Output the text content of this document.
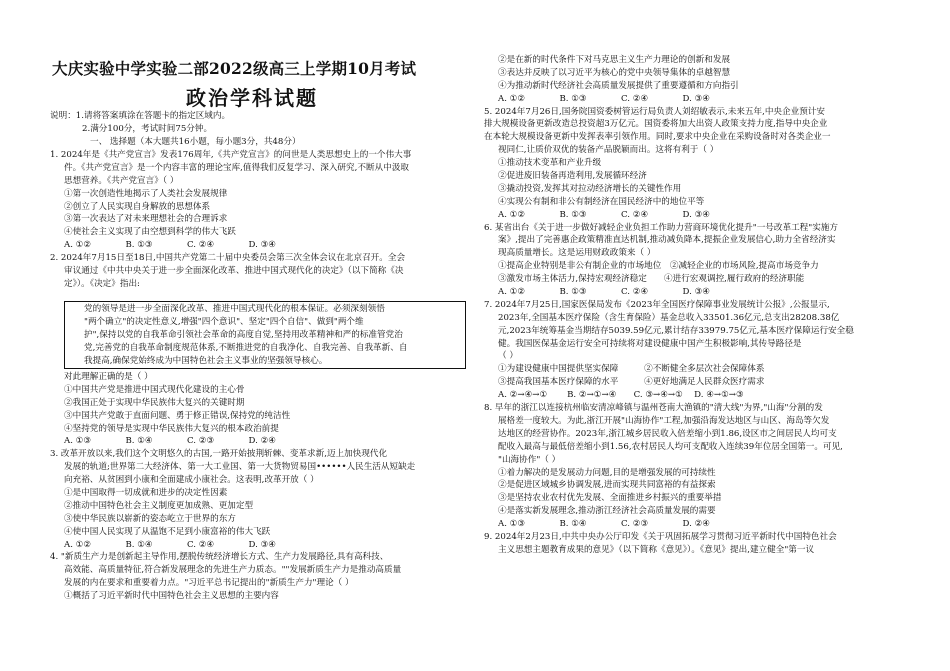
大庆实验中学实验二部2022级高三上学期10月考试
政治学科试题
说明：1.请将答案填涂在答题卡的指定区域内。
2.满分100分，考试时间75分钟。
一、 选择题（本大题共16小题，每小题3分，共48分）
1. 2024年是《共产党宣言》发表176周年,《共产党宣言》的问世是人类思想史上的一个伟大事
件。《共产党宣言》是一个内容丰富的理论宝库,值得我们反复学习、深入研究,不断从中汲取
思想营养。《共产党宣言》（ ）
①第一次创造性地揭示了人类社会发展规律
②创立了人民实现自身解放的思想体系
③第一次表达了对未来理想社会的合理诉求
④使社会主义实现了由空想到科学的伟大飞跃
A. ①②　　　　B. ①③　　　　C. ②④　　　　D. ③④
2. 2024年7月15日至18日,中国共产党第二十届中央委员会第三次全体会议在北京召开。全会
审议通过《中共中央关于进一步全面深化改革、推进中国式现代化的决定》（以下简称《决
定》）。《决定》指出:
党的领导是进一步全面深化改革、推进中国式现代化的根本保证。必须深刻领悟
"两个确立"的决定性意义,增强"四个意识"、坚定"四个自信"、做到"两个维
护",保持以党的自我革命引领社会革命的高度自觉,坚持用改革精神和严的标准管党治
党,完善党的自我革命制度规范体系,不断推进党的自我净化、自我完善、自我革新、自
我提高,确保党始终成为中国特色社会主义事业的坚强领导核心。
对此理解正确的是（ ）
①中国共产党是推进中国式现代化建设的主心骨
②我国正处于实现中华民族伟大复兴的关键时期
③中国共产党敢于直面问题、勇于修正错误,保持党的纯洁性
④坚持党的领导是实现中华民族伟大复兴的根本政治前提
A. ①③　　　　B. ①④　　　　C. ②③　　　　D. ②④
3. 改革开放以来,我们这个文明悠久的古国,一路开始披荆斩棘、变革求新,迈上加快现代化
发展的轨道;世界第二大经济体、第一大工业国、第一大货物贸易国••••••人民生活从短缺走
向充裕、从贫困到小康和全面建成小康社会。这表明,改革开放（ ）
①是中国取得一切成就和进步的决定性因素
②推动中国特色社会主义制度更加成熟、更加定型
③使中华民族以崭新的姿态屹立于世界的东方
④使中国人民实现了从温饱不足到小康富裕的伟大飞跃
A. ①②　　　　B. ①④　　　　C. ②④　　　　D. ③④
4. "新质生产力是创新起主导作用,摆脱传统经济增长方式、生产力发展路径,具有高科技、
高效能、高质量特征,符合新发展理念的先进生产力质态。""发展新质生产力是推动高质量
发展的内在要求和重要着力点。"习近平总书记提出的"新质生产力"理论（ ）
①概括了习近平新时代中国特色社会主义思想的主要内容
②是在新的时代条件下对马克思主义生产力理论的创新和发展
③表达并反映了以习近平为核心的党中央领导集体的卓越智慧
④为推动新时代经济社会高质量发展提供了重要遵循和方向指引
A. ①②　　　　B. ①③　　　　C. ②④　　　　D. ③④
5. 2024年7月26日,国务院国资委树管运行局负责人刘绍敏表示,未来五年,中央企业预计安
排大规模设备更新改造总投资超3万亿元。国资委将加大出资人政策支持力度,指导中央企业
在本轮大规模设备更新中发挥表率引领作用。同时,要求中央企业在采购设备时对各类企业一
视同仁,让质价双优的装备产品脱颖而出。这将有利于（ ）
①推动技术变革和产业升级
②促进废旧装备再造利用,发展循环经济
③撬动投资,发挥其对拉动经济增长的关键性作用
④实现公有制和非公有制经济在国民经济中的地位平等
A. ①②　　　　B. ①③　　　　C. ②④　　　　D. ③④
6. 某省出台《关于进一步做好减轻企业负担工作助力营商环境优化提升"一号改革工程"实施方
案》,提出了完善惠企政策精准直达机制,推动减负降本,提振企业发展信心,助力全省经济实
现高质量增长。这是运用财政政策来（ ）
①提高企业特别是非公有制企业的市场地位　②减轻企业的市场风险,提高市场竞争力
③激发市场主体活力,保持宏观经济稳定　　④进行宏观调控,履行政府的经济职能
A. ①②　　　　B. ①③　　　　C. ②④　　　　D. ③④
7. 2024年7月25日,国家医保局发布《2023年全国医疗保障事业发展统计公报》,公报显示,
2023年,全国基本医疗保险（含生育保险）基金总收入33501.36亿元,总支出28208.38亿
元,2023年统筹基金当期结存5039.59亿元,累计结存33979.75亿元,基本医疗保障运行安全稳
健。我国医保基金运行安全可持续将对建设健康中国产生积极影响,其传导路径是
（ ）
①为建设健康中国提供坚实保障　　　②不断健全多层次社会保障体系
③提高我国基本医疗保障的水平　　　④更好地满足人民群众医疗需求
A. ②→④→① 　　B. ②→①→④　　C. ③→④→① 　D. ④→①→③
8. 早年的浙江以连接杭州临安清凉峰镇与温州苍南大渔镇的"清大线"为界,"山海"分割的发
展格差一度较大。为此,浙江开展"山海协作"工程,加强沿海发达地区与山区、海岛等欠发
达地区的经营协作。2023年,浙江城乡居民收入倍差缩小到1.86,设区市之间居民人均可支
配收入最高与最低倍差缩小到1.56,农村居民人均可支配收入连续39年位居全国第一。可见,
"山海协作"（ ）
①着力解决的是发展动力问题,目的是增强发展的可持续性
②是促进区域城乡协调发展,进而实现共同富裕的有益探索
③是坚持农业农村优先发展、全面推进乡村振兴的重要举措
④是落实新发展理念,推动浙江经济社会高质量发展的需要
A. ①③　　　　B. ①④　　　　C. ②③　　　　D. ②④
9. 2024年2月23日,中共中央办公厅印发《关于巩固拓展学习贯彻习近平新时代中国特色社会
主义思想主题教育成果的意见》（以下简称《意见》）。《意见》提出,建立健全"第一议
